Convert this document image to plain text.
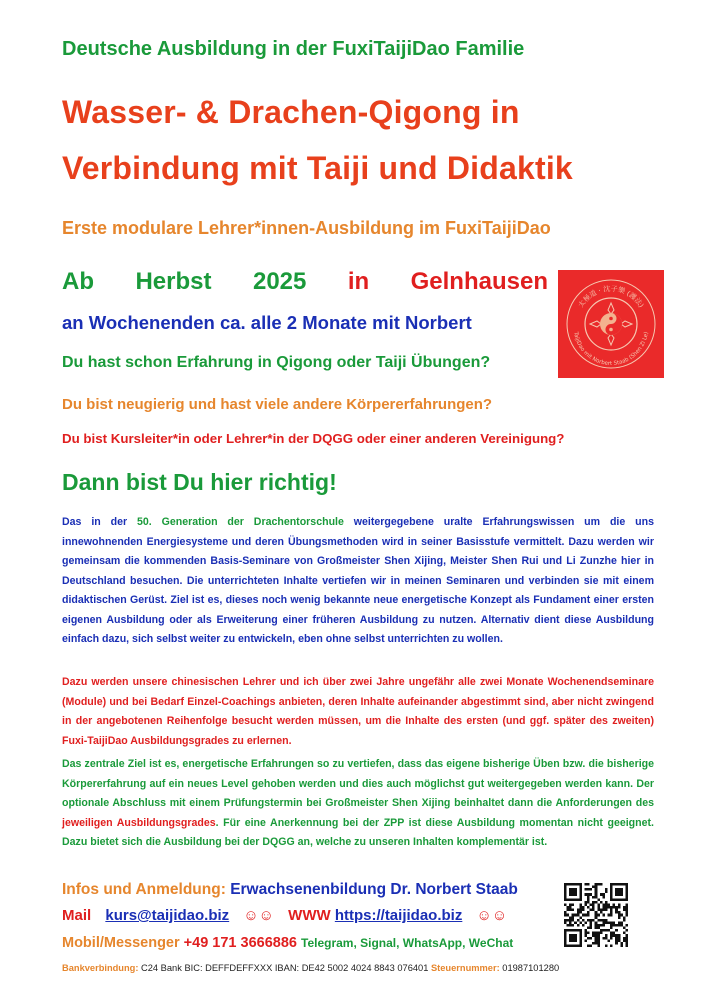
Deutsche Ausbildung in der FuxiTaijiDao Familie

Wasser- & Drachen-Qigong in

Verbindung mit Taiji und Didaktik

Erste modulare Lehrer*innen-Ausbildung im FuxiTaijiDao

Ab Herbst 2025 in Gelnhausen

an Wochenenden ca. alle 2 Monate mit Norbert

太極道 · 沈子樂 (護法)
TaijiDao mit Norbert Staab (Shen Zi Le)

Du hast schon Erfahrung in Qigong oder Taiji Übungen?

Du bist neugierig und hast viele andere Körpererfahrungen?

Du bist Kursleiter*in oder Lehrer*in der DQGG oder einer anderen Vereinigung?

Dann bist Du hier richtig!

Das in der 50. Generation der Drachentorschule weitergegebene uralte Erfahrungswissen um die uns innewohnenden Energiesysteme und deren Übungsmethoden wird in seiner Basisstufe vermittelt. Dazu werden wir gemeinsam die kommenden Basis-Seminare von Großmeister Shen Xijing, Meister Shen Rui und Li Zunzhe hier in Deutschland besuchen. Die unterrichteten Inhalte vertiefen wir in meinen Seminaren und verbinden sie mit einem didaktischen Gerüst. Ziel ist es, dieses noch wenig bekannte neue energetische Konzept als Fundament einer ersten eigenen Ausbildung oder als Erweiterung einer früheren Ausbildung zu nutzen. Alternativ dient diese Ausbildung einfach dazu, sich selbst weiter zu entwickeln, eben ohne selbst unterrichten zu wollen.

Dazu werden unsere chinesischen Lehrer und ich über zwei Jahre ungefähr alle zwei Monate Wochenendseminare (Module) und bei Bedarf Einzel-Coachings anbieten, deren Inhalte aufeinander abgestimmt sind, aber nicht zwingend in der angebotenen Reihenfolge besucht werden müssen, um die Inhalte des ersten (und ggf. später des zweiten) Fuxi-TaijiDao Ausbildungsgrades zu erlernen.

Das zentrale Ziel ist es, energetische Erfahrungen so zu vertiefen, dass das eigene bisherige Üben bzw. die bisherige Körpererfahrung auf ein neues Level gehoben werden und dies auch möglichst gut weitergegeben werden kann. Der optionale Abschluss mit einem Prüfungstermin bei Großmeister Shen Xijing beinhaltet dann die Anforderungen des jeweiligen Ausbildungsgrades. Für eine Anerkennung bei der ZPP ist diese Ausbildung momentan nicht geeignet. Dazu bietet sich die Ausbildung bei der DQGG an, welche zu unseren Inhalten komplementär ist.

Infos und Anmeldung: Erwachsenenbildung Dr. Norbert Staab

Mail kurs@taijidao.biz ☺☺ WWW https://taijidao.biz ☺☺

Mobil/Messenger +49 171 3666886 Telegram, Signal, WhatsApp, WeChat

Bankverbindung: C24 Bank BIC: DEFFDEFFXXX IBAN: DE42 5002 4024 8843 076401 Steuernummer: 01987101280
